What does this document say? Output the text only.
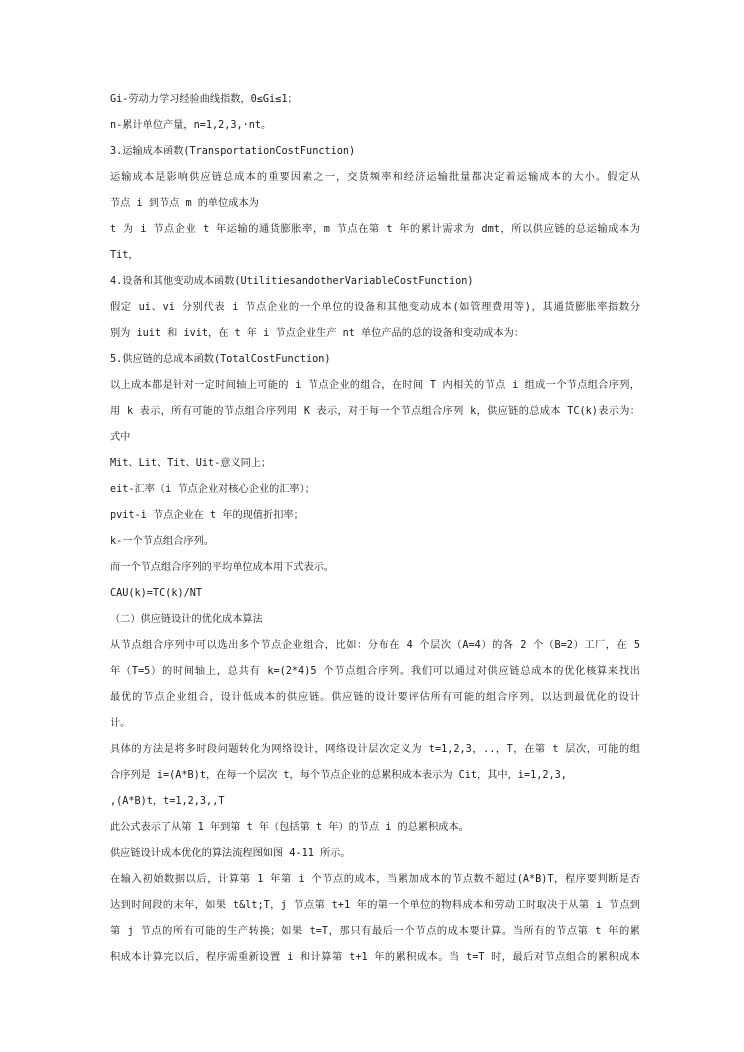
Gi-劳动力学习经验曲线指数，0≤Gi≤1；
n-累计单位产量，n=1,2,3,·nt。
3.运输成本函数(TransportationCostFunction)
运输成本是影响供应链总成本的重要因素之一，交货频率和经济运输批量都决定着运输成本的大小。假定从
节点 i 到节点 m 的单位成本为
t 为 i 节点企业 t 年运输的通货膨胀率，m 节点在第 t 年的累计需求为 dmt，所以供应链的总运输成本为
Tit，
4.设备和其他变动成本函数(UtilitiesandotherVariableCostFunction)
假定 ui、vi 分别代表 i 节点企业的一个单位的设备和其他变动成本(如管理费用等)，其通货膨胀率指数分
别为 iuit 和 ivit，在 t 年 i 节点企业生产 nt 单位产品的总的设备和变动成本为：
5.供应链的总成本函数(TotalCostFunction)
以上成本都是针对一定时间轴上可能的 i 节点企业的组合，在时间 T 内相关的节点 i 组成一个节点组合序列，
用 k 表示，所有可能的节点组合序列用 K 表示，对于每一个节点组合序列 k，供应链的总成本 TC(k)表示为：
式中
Mit、Lit、Tit、Uit-意义同上；
eit-汇率（i 节点企业对核心企业的汇率）；
pvit-i 节点企业在 t 年的现值折扣率；
k-一个节点组合序列。
而一个节点组合序列的平均单位成本用下式表示。
CAU(k)=TC(k)/NT
（二）供应链设计的优化成本算法
从节点组合序列中可以选出多个节点企业组合，比如：分布在 4 个层次（A=4）的各 2 个（B=2）工厂，在 5
年（T=5）的时间轴上，总共有 k=(2*4)5 个节点组合序列。我们可以通过对供应链总成本的优化核算来找出
最优的节点企业组合，设计低成本的供应链。供应链的设计要评估所有可能的组合序列，以达到最优化的设计
计。
具体的方法是将多时段问题转化为网络设计，网络设计层次定义为 t=1,2,3，..，T，在第 t 层次，可能的组
合序列是 i=(A*B)t，在每一个层次 t，每个节点企业的总累积成本表示为 Cit，其中，i=1,2,3,
,(A*B)t，t=1,2,3,,T
此公式表示了从第 1 年到第 t 年（包括第 t 年）的节点 i 的总累积成本。
供应链设计成本优化的算法流程图如图 4-11 所示。
在输入初始数据以后，计算第 1 年第 i 个节点的成本，当累加成本的节点数不超过(A*B)T，程序要判断是否
达到时间段的末年，如果 t&lt;T，j 节点第 t+1 年的第一个单位的物料成本和劳动工时取决于从第 i 节点到
第 j 节点的所有可能的生产转换；如果 t=T，那只有最后一个节点的成本要计算。当所有的节点第 t 年的累
积成本计算完以后，程序需重新设置 i 和计算第 t+1 年的累积成本。当 t=T 时，最后对节点组合的累积成本
